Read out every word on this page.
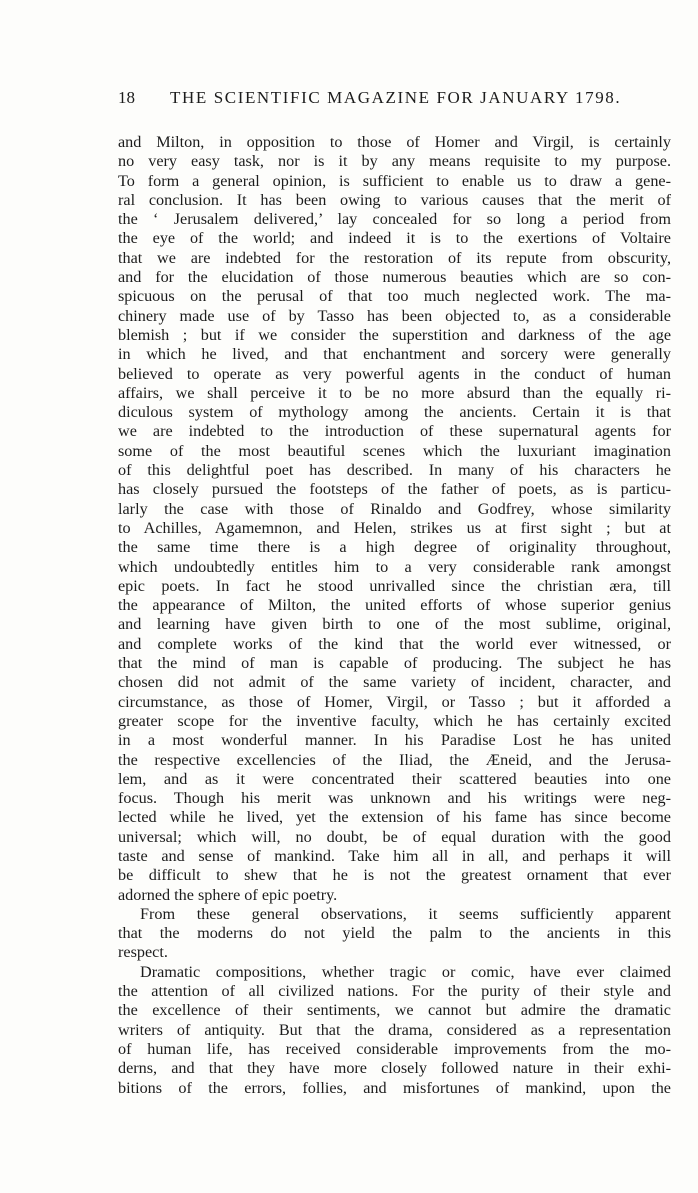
18 THE SCIENTIFIC MAGAZINE FOR JANUARY 1798.
and Milton, in opposition to those of Homer and Virgil, is certainly
no very easy task, nor is it by any means requisite to my purpose.
To form a general opinion, is sufficient to enable us to draw a gene-
ral conclusion. It has been owing to various causes that the merit of
the ‘ Jerusalem delivered,’ lay concealed for so long a period from
the eye of the world; and indeed it is to the exertions of Voltaire
that we are indebted for the restoration of its repute from obscurity,
and for the elucidation of those numerous beauties which are so con-
spicuous on the perusal of that too much neglected work. The ma-
chinery made use of by Tasso has been objected to, as a considerable
blemish ; but if we consider the superstition and darkness of the age
in which he lived, and that enchantment and sorcery were generally
believed to operate as very powerful agents in the conduct of human
affairs, we shall perceive it to be no more absurd than the equally ri-
diculous system of mythology among the ancients. Certain it is that
we are indebted to the introduction of these supernatural agents for
some of the most beautiful scenes which the luxuriant imagination
of this delightful poet has described. In many of his characters he
has closely pursued the footsteps of the father of poets, as is particu-
larly the case with those of Rinaldo and Godfrey, whose similarity
to Achilles, Agamemnon, and Helen, strikes us at first sight ; but at
the same time there is a high degree of originality throughout,
which undoubtedly entitles him to a very considerable rank amongst
epic poets. In fact he stood unrivalled since the christian æra, till
the appearance of Milton, the united efforts of whose superior genius
and learning have given birth to one of the most sublime, original,
and complete works of the kind that the world ever witnessed, or
that the mind of man is capable of producing. The subject he has
chosen did not admit of the same variety of incident, character, and
circumstance, as those of Homer, Virgil, or Tasso ; but it afforded a
greater scope for the inventive faculty, which he has certainly excited
in a most wonderful manner. In his Paradise Lost he has united
the respective excellencies of the Iliad, the Æneid, and the Jerusa-
lem, and as it were concentrated their scattered beauties into one
focus. Though his merit was unknown and his writings were neg-
lected while he lived, yet the extension of his fame has since become
universal; which will, no doubt, be of equal duration with the good
taste and sense of mankind. Take him all in all, and perhaps it will
be difficult to shew that he is not the greatest ornament that ever
adorned the sphere of epic poetry.
From these general observations, it seems sufficiently apparent
that the moderns do not yield the palm to the ancients in this
respect.
Dramatic compositions, whether tragic or comic, have ever claimed
the attention of all civilized nations. For the purity of their style and
the excellence of their sentiments, we cannot but admire the dramatic
writers of antiquity. But that the drama, considered as a representation
of human life, has received considerable improvements from the mo-
derns, and that they have more closely followed nature in their exhi-
bitions of the errors, follies, and misfortunes of mankind, upon the
